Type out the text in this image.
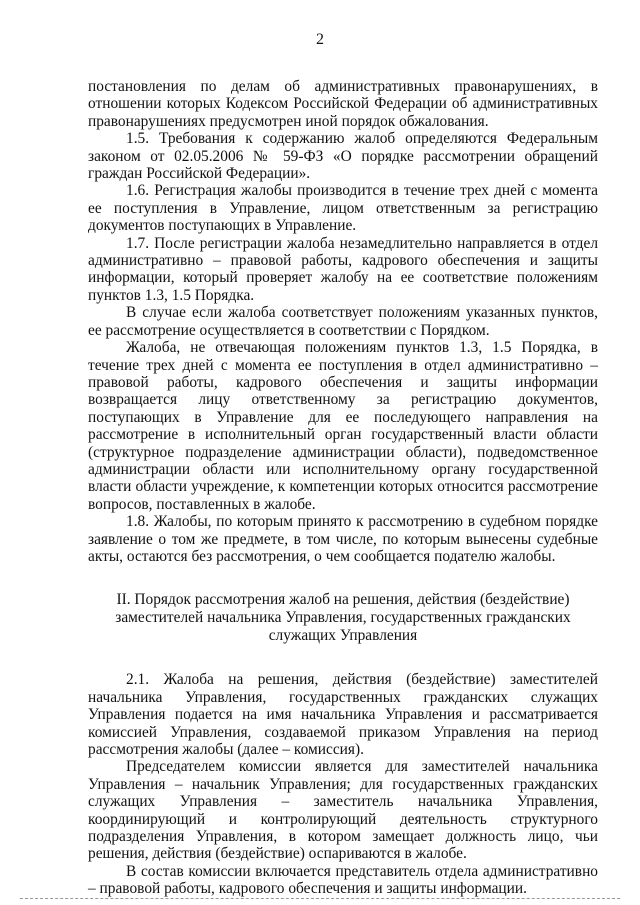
2

постановления по делам об административных правонарушениях, в отношении которых Кодексом Российской Федерации об административных правонарушениях предусмотрен иной порядок обжалования.

1.5. Требования к содержанию жалоб определяются Федеральным законом от 02.05.2006 № 59-ФЗ «О порядке рассмотрении обращений граждан Российской Федерации».

1.6. Регистрация жалобы производится в течение трех дней с момента ее поступления в Управление, лицом ответственным за регистрацию документов поступающих в Управление.

1.7. После регистрации жалоба незамедлительно направляется в отдел административно – правовой работы, кадрового обеспечения и защиты информации, который проверяет жалобу на ее соответствие положениям пунктов 1.3, 1.5 Порядка.

В случае если жалоба соответствует положениям указанных пунктов, ее рассмотрение осуществляется в соответствии с Порядком.

Жалоба, не отвечающая положениям пунктов 1.3, 1.5 Порядка, в течение трех дней с момента ее поступления в отдел административно – правовой работы, кадрового обеспечения и защиты информации возвращается лицу ответственному за регистрацию документов, поступающих в Управление для ее последующего направления на рассмотрение в исполнительный орган государственный власти области (структурное подразделение администрации области), подведомственное администрации области или исполнительному органу государственной власти области учреждение, к компетенции которых относится рассмотрение вопросов, поставленных в жалобе.

1.8. Жалобы, по которым принято к рассмотрению в судебном порядке заявление о том же предмете, в том числе, по которым вынесены судебные акты, остаются без рассмотрения, о чем сообщается подателю жалобы.

II. Порядок рассмотрения жалоб на решения, действия (бездействие)
заместителей начальника Управления, государственных гражданских
служащих Управления

2.1. Жалоба на решения, действия (бездействие) заместителей начальника Управления, государственных гражданских служащих Управления подается на имя начальника Управления и рассматривается комиссией Управления, создаваемой приказом Управления на период рассмотрения жалобы (далее – комиссия).

Председателем комиссии является для заместителей начальника Управления – начальник Управления; для государственных гражданских служащих Управления – заместитель начальника Управления, координирующий и контролирующий деятельность структурного подразделения Управления, в котором замещает должность лицо, чьи решения, действия (бездействие) оспариваются в жалобе.

В состав комиссии включается представитель отдела административно – правовой работы, кадрового обеспечения и защиты информации.
